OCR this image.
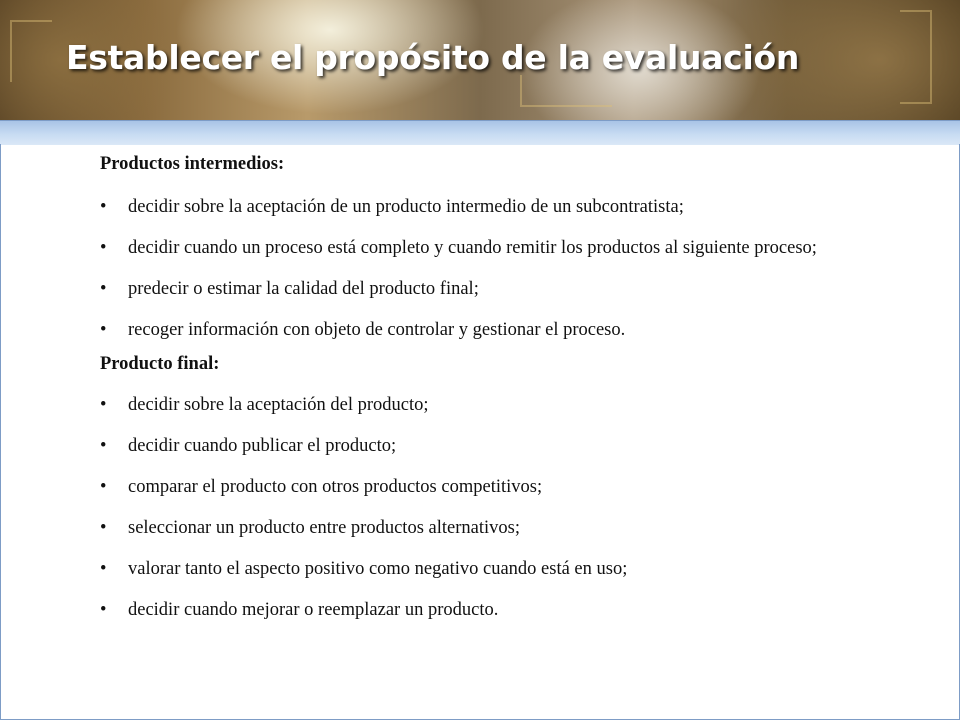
Establecer el propósito de la evaluación

Productos intermedios:

• decidir sobre la aceptación de un producto intermedio de un subcontratista;
• decidir cuando un proceso está completo y cuando remitir los productos al siguiente proceso;
• predecir o estimar la calidad del producto final;
• recoger información con objeto de controlar y gestionar el proceso.

Producto final:

• decidir sobre la aceptación del producto;
• decidir cuando publicar el producto;
• comparar el producto con otros productos competitivos;
• seleccionar un producto entre productos alternativos;
• valorar tanto el aspecto positivo como negativo cuando está en uso;
• decidir cuando mejorar o reemplazar un producto.
